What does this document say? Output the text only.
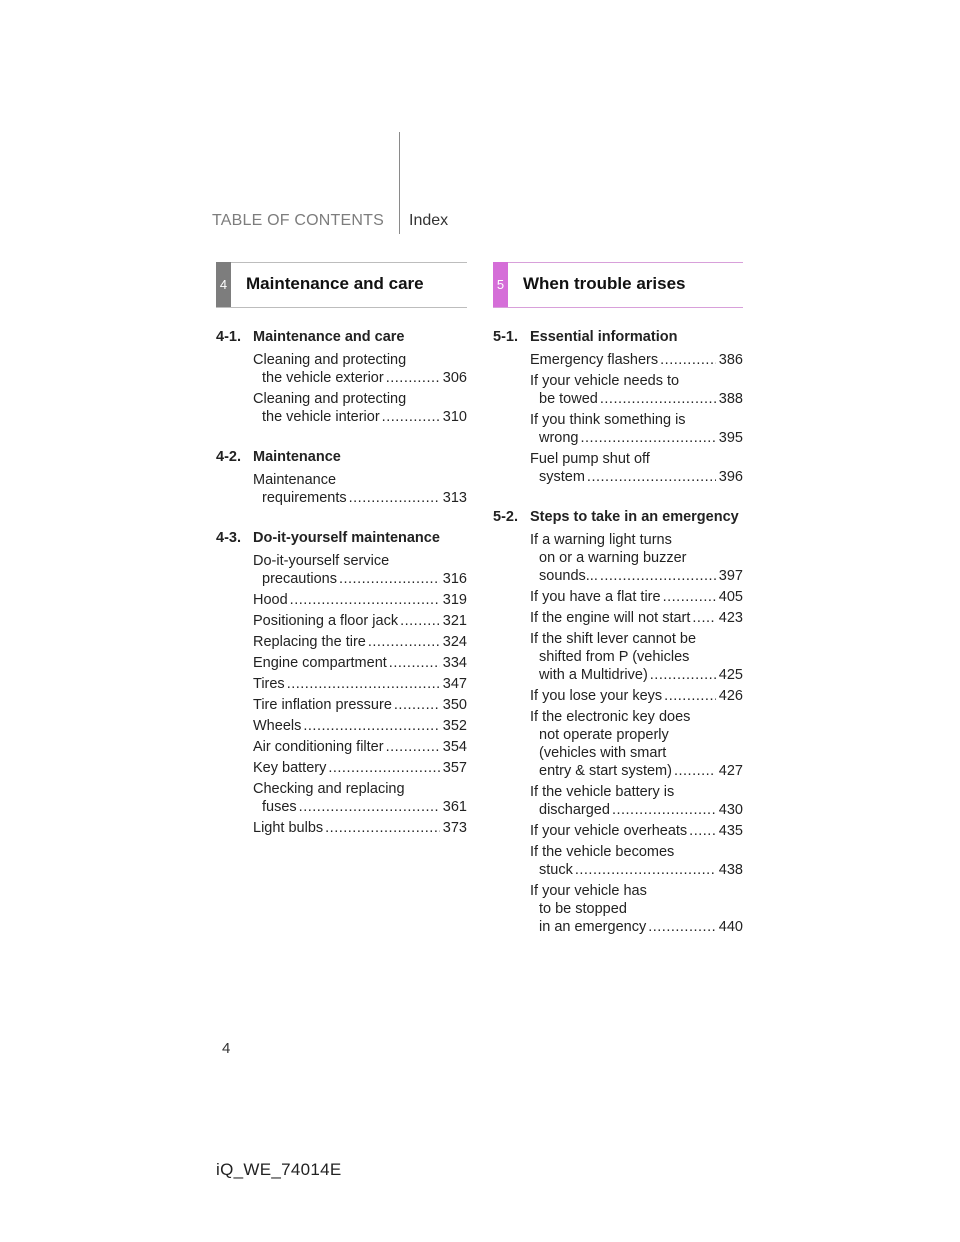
TABLE OF CONTENTS Index
4 Maintenance and care	5 When trouble arises
4-1. Maintenance and care
Cleaning and protecting
the vehicle exterior .....	306
Cleaning and protecting
the vehicle interior .....	310
4-2. Maintenance
Maintenance
requirements .....	313
4-3. Do-it-yourself maintenance
Do-it-yourself service
precautions .....	316
Hood .....	319
Positioning a floor jack .....	321
Replacing the tire .....	324
Engine compartment .....	334
Tires .....	347
Tire inflation pressure .....	350
Wheels .....	352
Air conditioning filter .....	354
Key battery .....	357
Checking and replacing
fuses .....	361
Light bulbs .....	373
5-1. Essential information
Emergency flashers .....	386
If your vehicle needs to
be towed .....	388
If you think something is
wrong .....	395
Fuel pump shut off
system .....	396
5-2. Steps to take in an emergency
If a warning light turns
on or a warning buzzer
sounds... .....	397
If you have a flat tire .....	405
If the engine will not start ..... 423
If the shift lever cannot be
shifted from P (vehicles
with a Multidrive) .....	425
If you lose your keys .....	426
If the electronic key does
not operate properly
(vehicles with smart
entry & start system) .....	427
If the vehicle battery is
discharged .....	430
If your vehicle overheats ..... 435
If the vehicle becomes
stuck .....	438
If your vehicle has
to be stopped
in an emergency .....	440
4
iQ_WE_74014E
